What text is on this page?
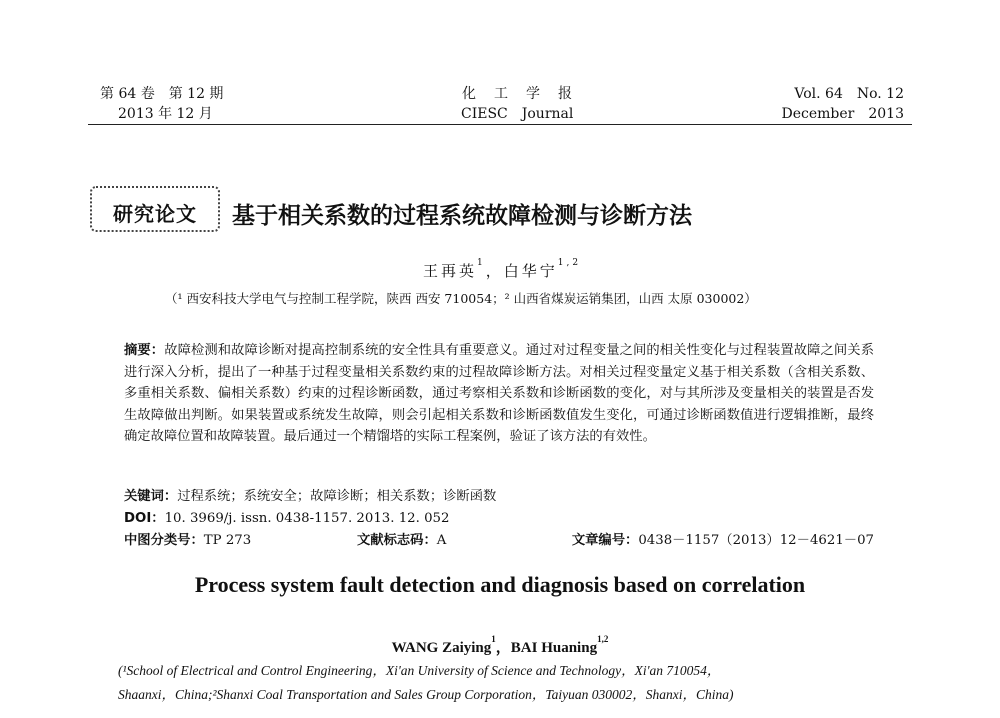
第 64 卷　第 12 期
2013 年 12 月
化　工　学　报
CIESC　Journal
Vol. 64　No. 12
December　2013
研究论文	基于相关系数的过程系统故障检测与诊断方法
王再英$^1$，白华宁$^{1,2}$
（¹ 西安科技大学电气与控制工程学院，陕西 西安 710054；² 山西省煤炭运销集团，山西 太原 030002）
摘要：故障检测和故障诊断对提高控制系统的安全性具有重要意义。通过对过程变量之间的相关性变化与过程装置故障之间关系进行深入分析，提出了一种基于过程变量相关系数约束的过程故障诊断方法。对相关过程变量定义基于相关系数（含相关系数、多重相关系数、偏相关系数）约束的过程诊断函数，通过考察相关系数和诊断函数的变化，对与其所涉及变量相关的装置是否发生故障做出判断。如果装置或系统发生故障，则会引起相关系数和诊断函数值发生变化，可通过诊断函数值进行逻辑推断，最终确定故障位置和故障装置。最后通过一个精馏塔的实际工程案例，验证了该方法的有效性。
关键词：过程系统；系统安全；故障诊断；相关系数；诊断函数
DOI：10. 3969/j. issn. 0438-1157. 2013. 12. 052
中图分类号：TP 273	文献标志码：A	文章编号：0438－1157（2013）12－4621－07
Process system fault detection and diagnosis based on correlation
WANG Zaiying$^1$，BAI Huaning$^{1,2}$
(¹School of Electrical and Control Engineering，Xi'an University of Science and Technology，Xi'an 710054，
Shaanxi，China;²Shanxi Coal Transportation and Sales Group Corporation，Taiyuan 030002，Shanxi，China)
